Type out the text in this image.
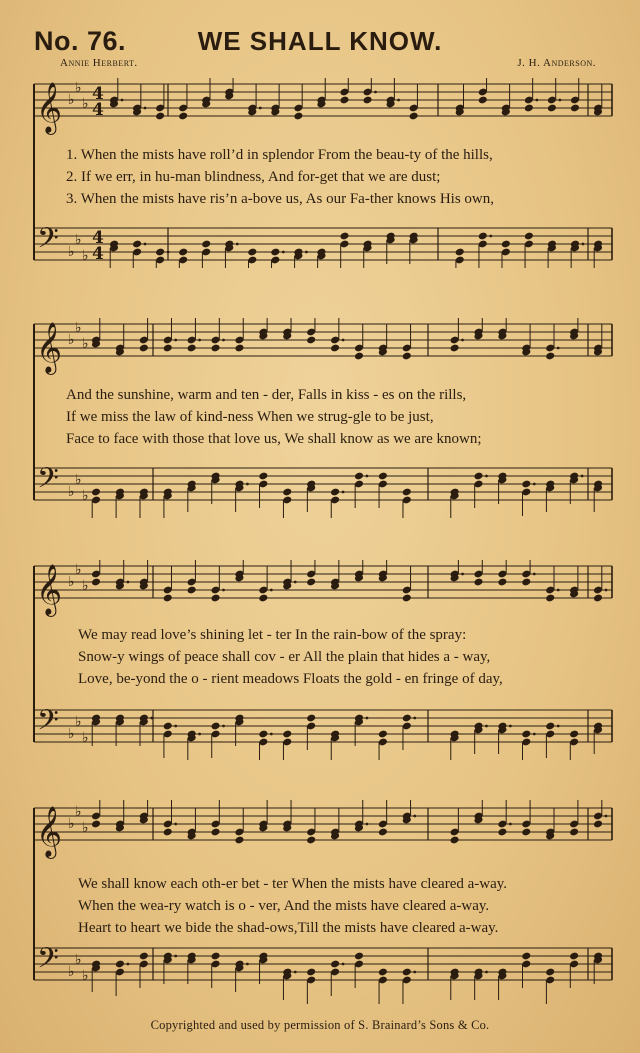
No. 76.	WE SHALL KNOW.
Annie Herbert.	J. H. Anderson.
𝄞 ♭
♭
♭ 4
4
𝄢 ♭
♭
♭
4
4
1. When the mists have roll’d in splendor From the beau-ty of the hills,
2. If we err, in hu-man blindness, And for-get that we are dust;
3. When the mists have ris’n a-bove us, As our Fa-ther knows His own,
𝄞 ♭
♭
♭
𝄢 ♭
♭
♭
And the sunshine, warm and ten - der, Falls in kiss - es on the rills,
If we miss the law of kind-ness When we strug-gle to be just,
Face to face with those that love us, We shall know as we are known;
𝄞 ♭
♭
♭
𝄢 ♭
♭
♭
We may read love’s shining let - ter In the rain-bow of the spray:
Snow-y wings of peace shall cov - er All the plain that hides a - way,
Love, be-yond the o - rient meadows Floats the gold - en fringe of day,
𝄞 ♭
♭
♭
𝄢 ♭
♭
♭
We shall know each oth-er bet - ter When the mists have cleared a-way.
When the wea-ry watch is o - ver, And the mists have cleared a-way.
Heart to heart we bide the shad-ows,Till the mists have cleared a-way.
Copyrighted and used by permission of S. Brainard’s Sons & Co.
